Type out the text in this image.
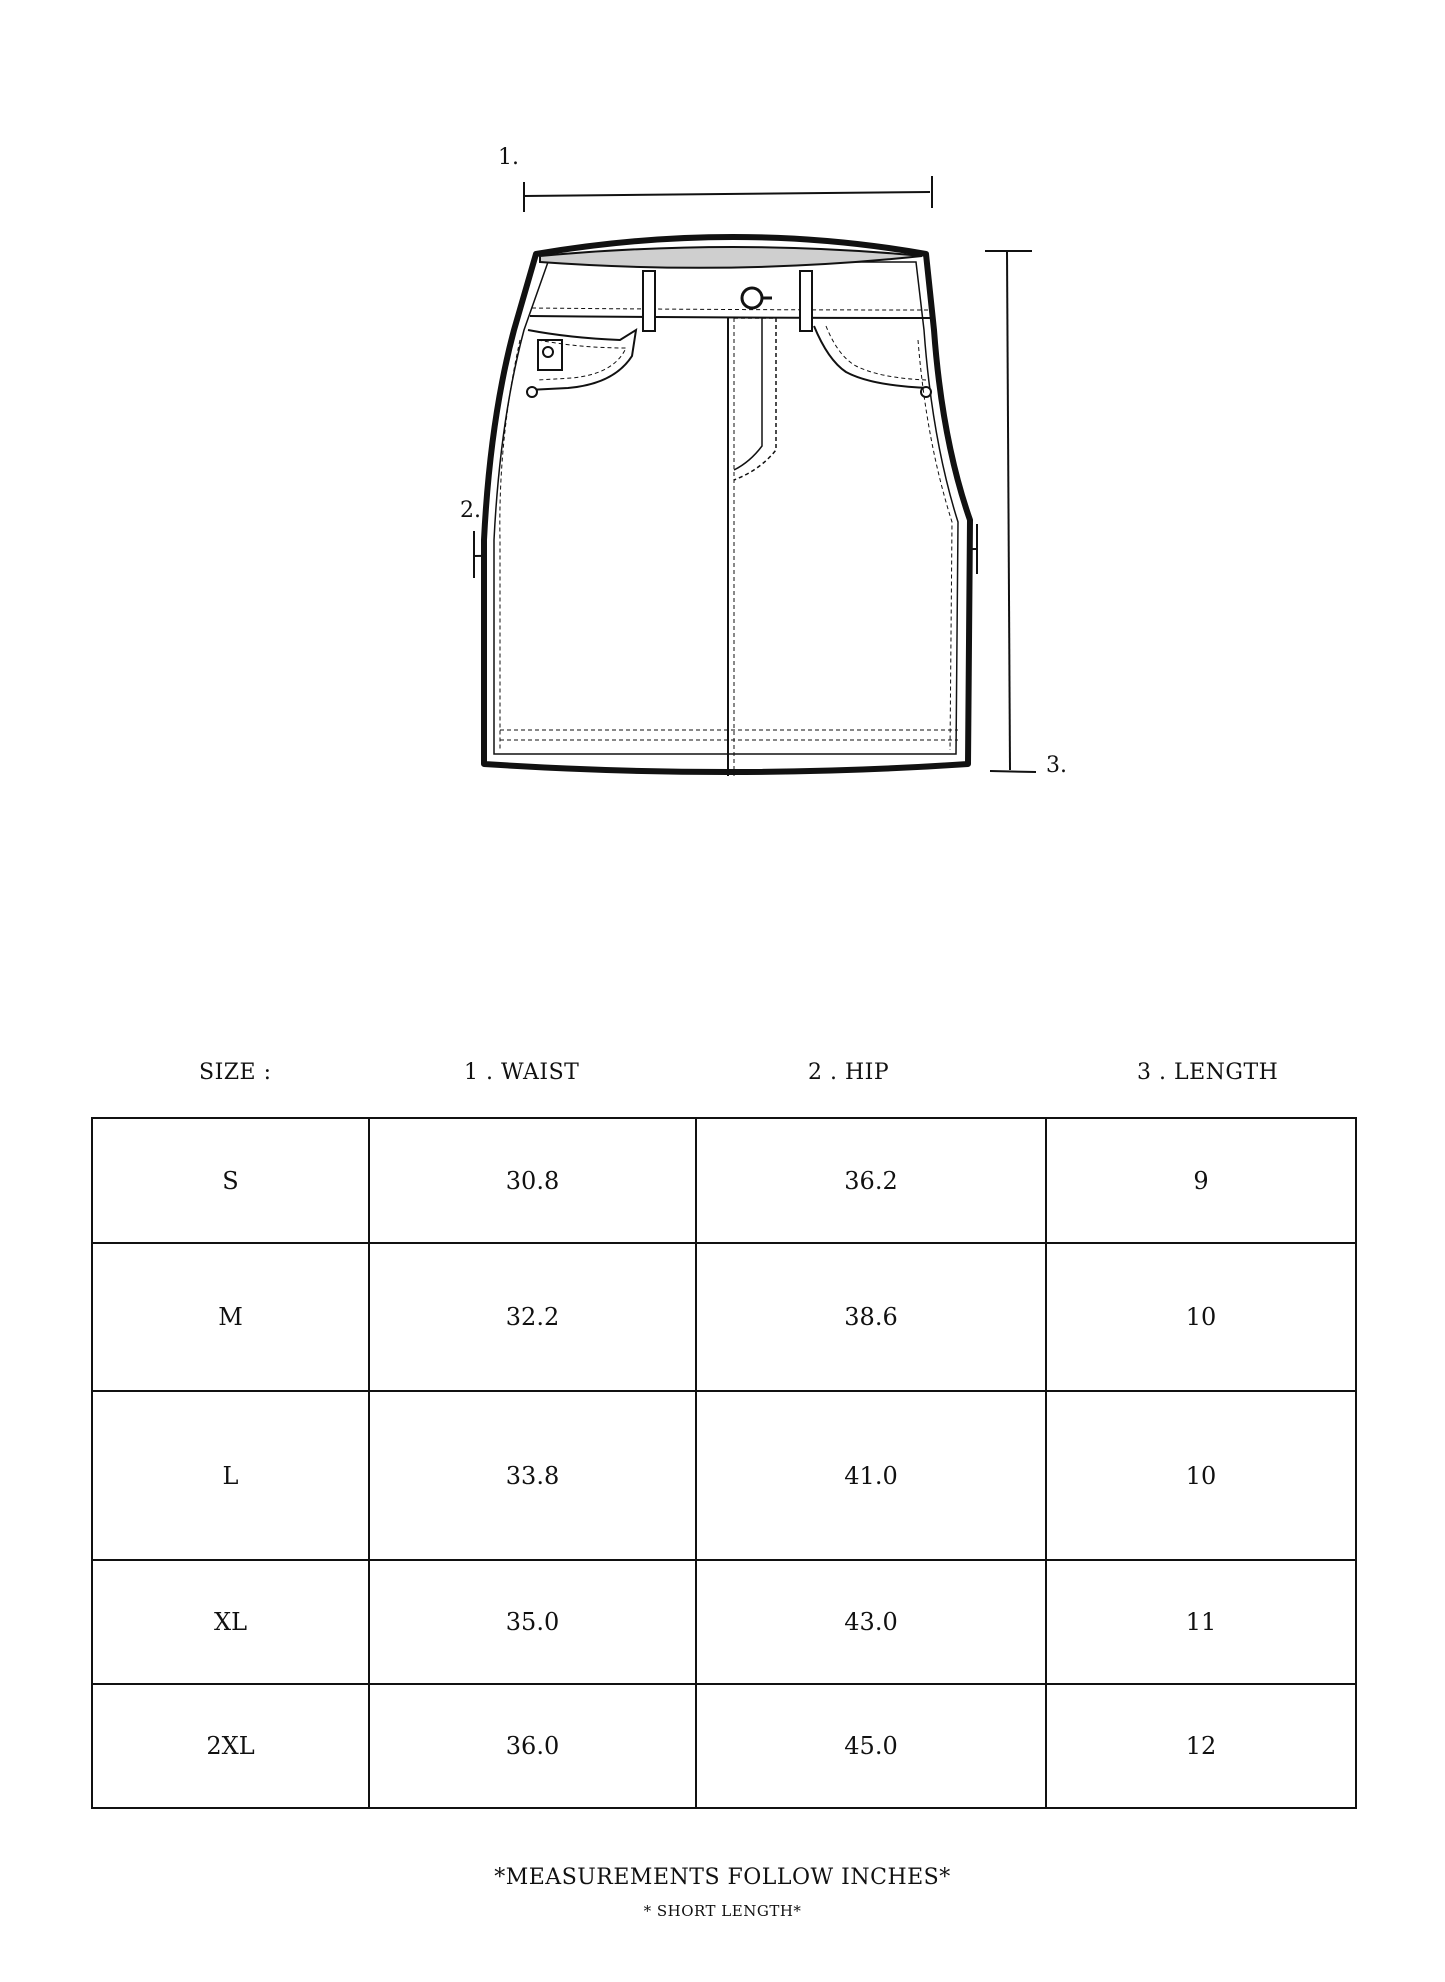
1.
2.
3.
SIZE :	1 . WAIST	2 . HIP	3 . LENGTH
S	30.8	36.2	9
M	32.2	38.6	10
L	33.8	41.0	10
XL	35.0	43.0	11
2XL	36.0	45.0	12
*MEASUREMENTS FOLLOW INCHES*
* SHORT LENGTH*
